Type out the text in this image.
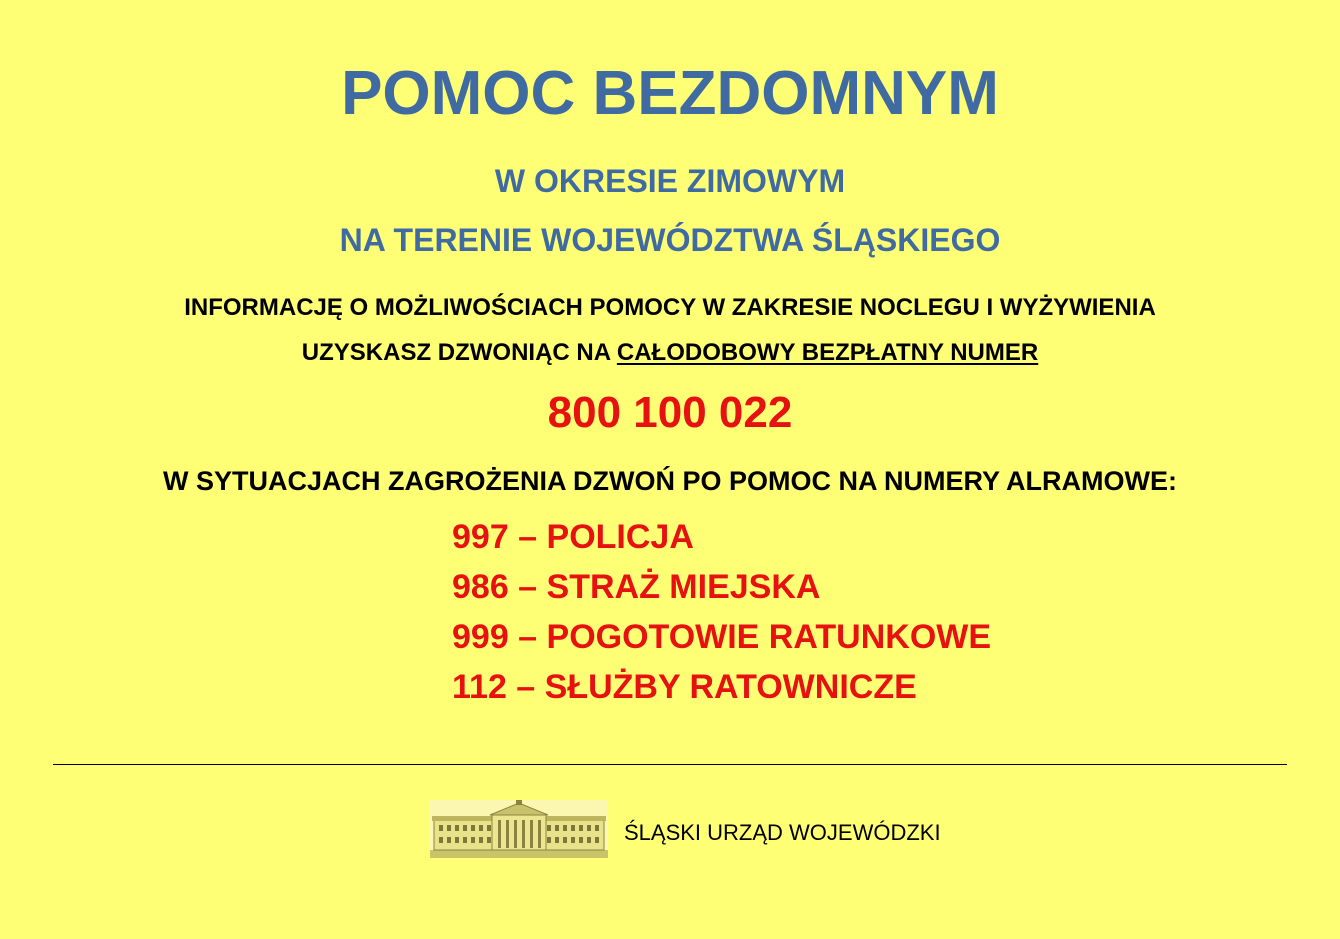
POMOC BEZDOMNYM
W OKRESIE ZIMOWYM
NA TERENIE WOJEWÓDZTWA ŚLĄSKIEGO
INFORMACJĘ O MOŻLIWOŚCIACH POMOCY W ZAKRESIE NOCLEGU I WYŻYWIENIA
UZYSKASZ DZWONIĄC NA CAŁODOBOWY BEZPŁATNY NUMER
800 100 022
W SYTUACJACH ZAGROŻENIA DZWOŃ PO POMOC NA NUMERY ALRAMOWE:
997 – POLICJA
986 – STRAŻ MIEJSKA
999 – POGOTOWIE RATUNKOWE
112 – SŁUŻBY RATOWNICZE
ŚLĄSKI URZĄD WOJEWÓDZKI
